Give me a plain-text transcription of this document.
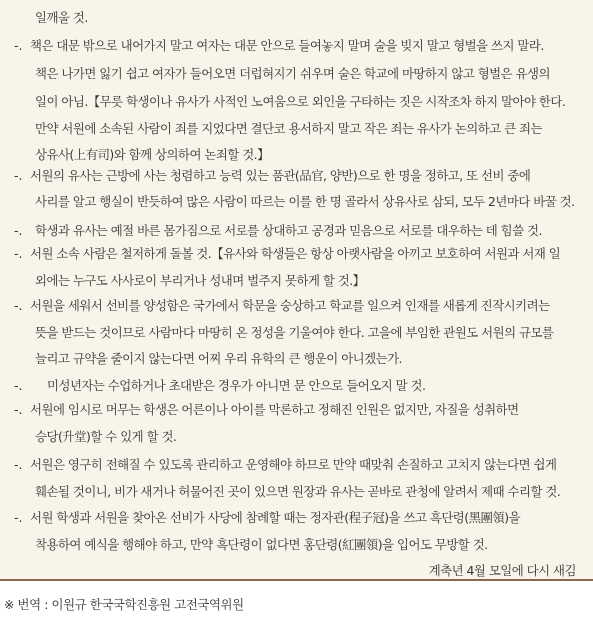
일깨울 것.
-. 책은 대문 밖으로 내어가지 말고 여자는 대문 안으로 들여놓지 말며 술을 빚지 말고 형벌을 쓰지 말라.
책은 나가면 잃기 쉽고 여자가 들어오면 더럽혀지기 쉬우며 술은 학교에 마땅하지 않고 형벌은 유생의
일이 아님.【무릇 학생이나 유사가 사적인 노여움으로 외인을 구타하는 짓은 시작조차 하지 말아야 한다.
만약 서원에 소속된 사람이 죄를 지었다면 결단코 용서하지 말고 작은 죄는 유사가 논의하고 큰 죄는
상유사(上有司)와 함께 상의하여 논죄할 것.】
-. 서원의 유사는 근방에 사는 청렴하고 능력 있는 품관(品官, 양반)으로 한 명을 정하고, 또 선비 중에
사리를 알고 행실이 반듯하여 많은 사람이 따르는 이를 한 명 골라서 상유사로 삼되, 모두 2년마다 바꿀 것.
-. 학생과 유사는 예절 바른 몸가짐으로 서로를 상대하고 공경과 믿음으로 서로를 대우하는 데 힘쓸 것.
-. 서원 소속 사람은 철저하게 돌볼 것.【유사와 학생들은 항상 아랫사람을 아끼고 보호하여 서원과 서재 일
외에는 누구도 사사로이 부리거나 성내며 벌주지 못하게 할 것.】
-. 서원을 세워서 선비를 양성함은 국가에서 학문을 숭상하고 학교를 일으켜 인재를 새롭게 진작시키려는
뜻을 받드는 것이므로 사람마다 마땅히 온 정성을 기울여야 한다. 고을에 부임한 관원도 서원의 규모를
늘리고 규약을 줄이지 않는다면 어찌 우리 유학의 큰 행운이 아니겠는가.
-. 미성년자는 수업하거나 초대받은 경우가 아니면 문 안으로 들어오지 말 것.
-. 서원에 임시로 머무는 학생은 어른이나 아이를 막론하고 정해진 인원은 없지만, 자질을 성취하면
승당(升堂)할 수 있게 할 것.
-. 서원은 영구히 전해질 수 있도록 관리하고 운영해야 하므로 만약 때맞춰 손질하고 고치지 않는다면 쉽게
훼손될 것이니, 비가 새거나 허물어진 곳이 있으면 원장과 유사는 곧바로 관청에 알려서 제때 수리할 것.
-. 서원 학생과 서원을 찾아온 선비가 사당에 참례할 때는 정자관(程子冠)을 쓰고 흑단령(黑團領)을
착용하여 예식을 행해야 하고, 만약 흑단령이 없다면 홍단령(紅團領)을 입어도 무방할 것.
계축년 4월 모일에 다시 새김
※ 번역 : 이원규 한국국학진흥원 고전국역위원
